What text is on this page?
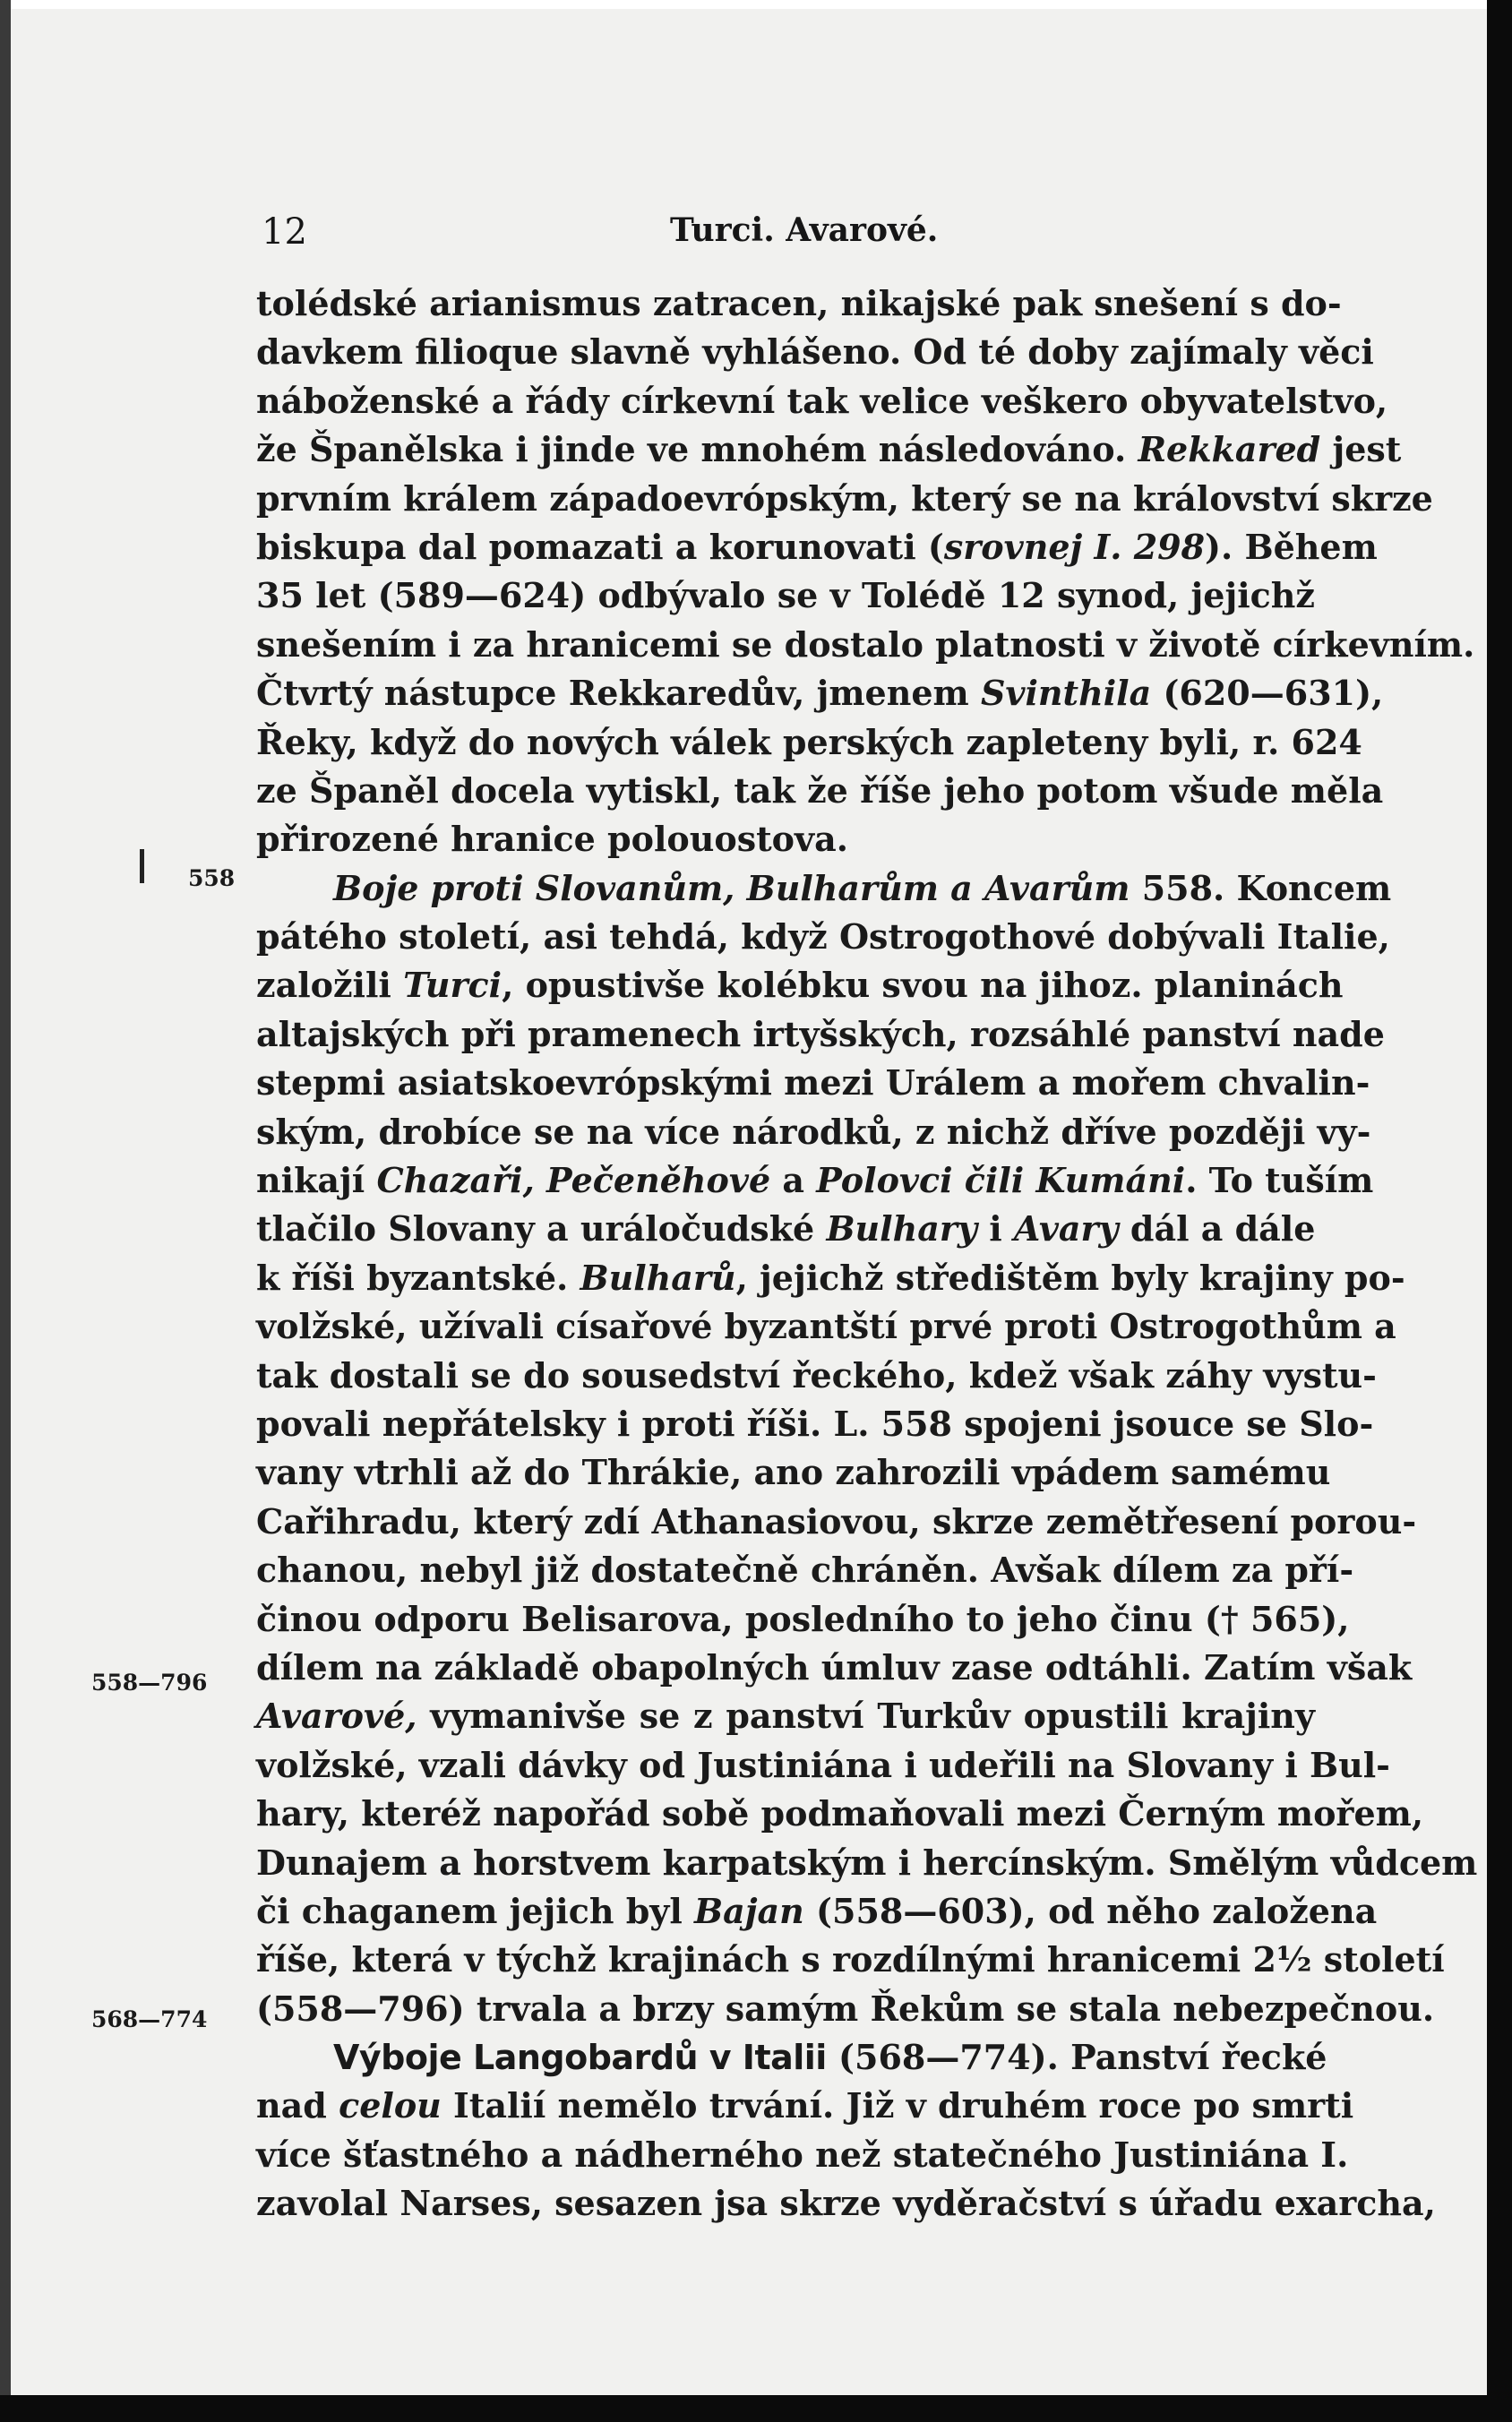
12	Turci. Avarové.
558
558—796
568—774
tolédské arianismus zatracen, nikajské pak snešení s do-
davkem filioque slavně vyhlášeno. Od té doby zajímaly věci
náboženské a řády církevní tak velice veškero obyvatelstvo,
že Španělska i jinde ve mnohém následováno. Rekkared jest
prvním králem západoevrópským, který se na království skrze
biskupa dal pomazati a korunovati (srovnej I. 298). Během
35 let (589—624) odbývalo se v Tolédě 12 synod, jejichž
snešením i za hranicemi se dostalo platnosti v životě církevním.
Čtvrtý nástupce Rekkaredův, jmenem Svinthila (620—631),
Řeky, když do nových válek perských zapleteny byli, r. 624
ze Španěl docela vytiskl, tak že říše jeho potom všude měla
přirozené hranice polouostova.
Boje proti Slovanům, Bulharům a Avarům 558. Koncem
pátého století, asi tehdá, když Ostrogothové dobývali Italie,
založili Turci, opustivše kolébku svou na jihoz. planinách
altajských při pramenech irtyšských, rozsáhlé panství nade
stepmi asiatskoevrópskými mezi Urálem a mořem chvalin-
ským, drobíce se na více národků, z nichž dříve později vy-
nikají Chazaři, Pečeněhové a Polovci čili Kumáni. To tuším
tlačilo Slovany a uráločudské Bulhary i Avary dál a dále
k říši byzantské. Bulharů, jejichž středištěm byly krajiny po-
volžské, užívali císařové byzantští prvé proti Ostrogothům a
tak dostali se do sousedství řeckého, kdež však záhy vystu-
povali nepřátelsky i proti říši. L. 558 spojeni jsouce se Slo-
vany vtrhli až do Thrákie, ano zahrozili vpádem samému
Cařihradu, který zdí Athanasiovou, skrze zemětřesení porou-
chanou, nebyl již dostatečně chráněn. Avšak dílem za pří-
činou odporu Belisarova, posledního to jeho činu († 565),
dílem na základě obapolných úmluv zase odtáhli. Zatím však
Avarové, vymanivše se z panství Turkův opustili krajiny
volžské, vzali dávky od Justiniána i udeřili na Slovany i Bul-
hary, kteréž napořád sobě podmaňovali mezi Černým mořem,
Dunajem a horstvem karpatským i hercínským. Smělým vůdcem
či chaganem jejich byl Bajan (558—603), od něho založena
říše, která v týchž krajinách s rozdílnými hranicemi 2½ století
(558—796) trvala a brzy samým Řekům se stala nebezpečnou.
Výboje Langobardů v Italii (568—774). Panství řecké
nad celou Italií nemělo trvání. Již v druhém roce po smrti
více šťastného a nádherného než statečného Justiniána I.
zavolal Narses, sesazen jsa skrze vyděračství s úřadu exarcha,
